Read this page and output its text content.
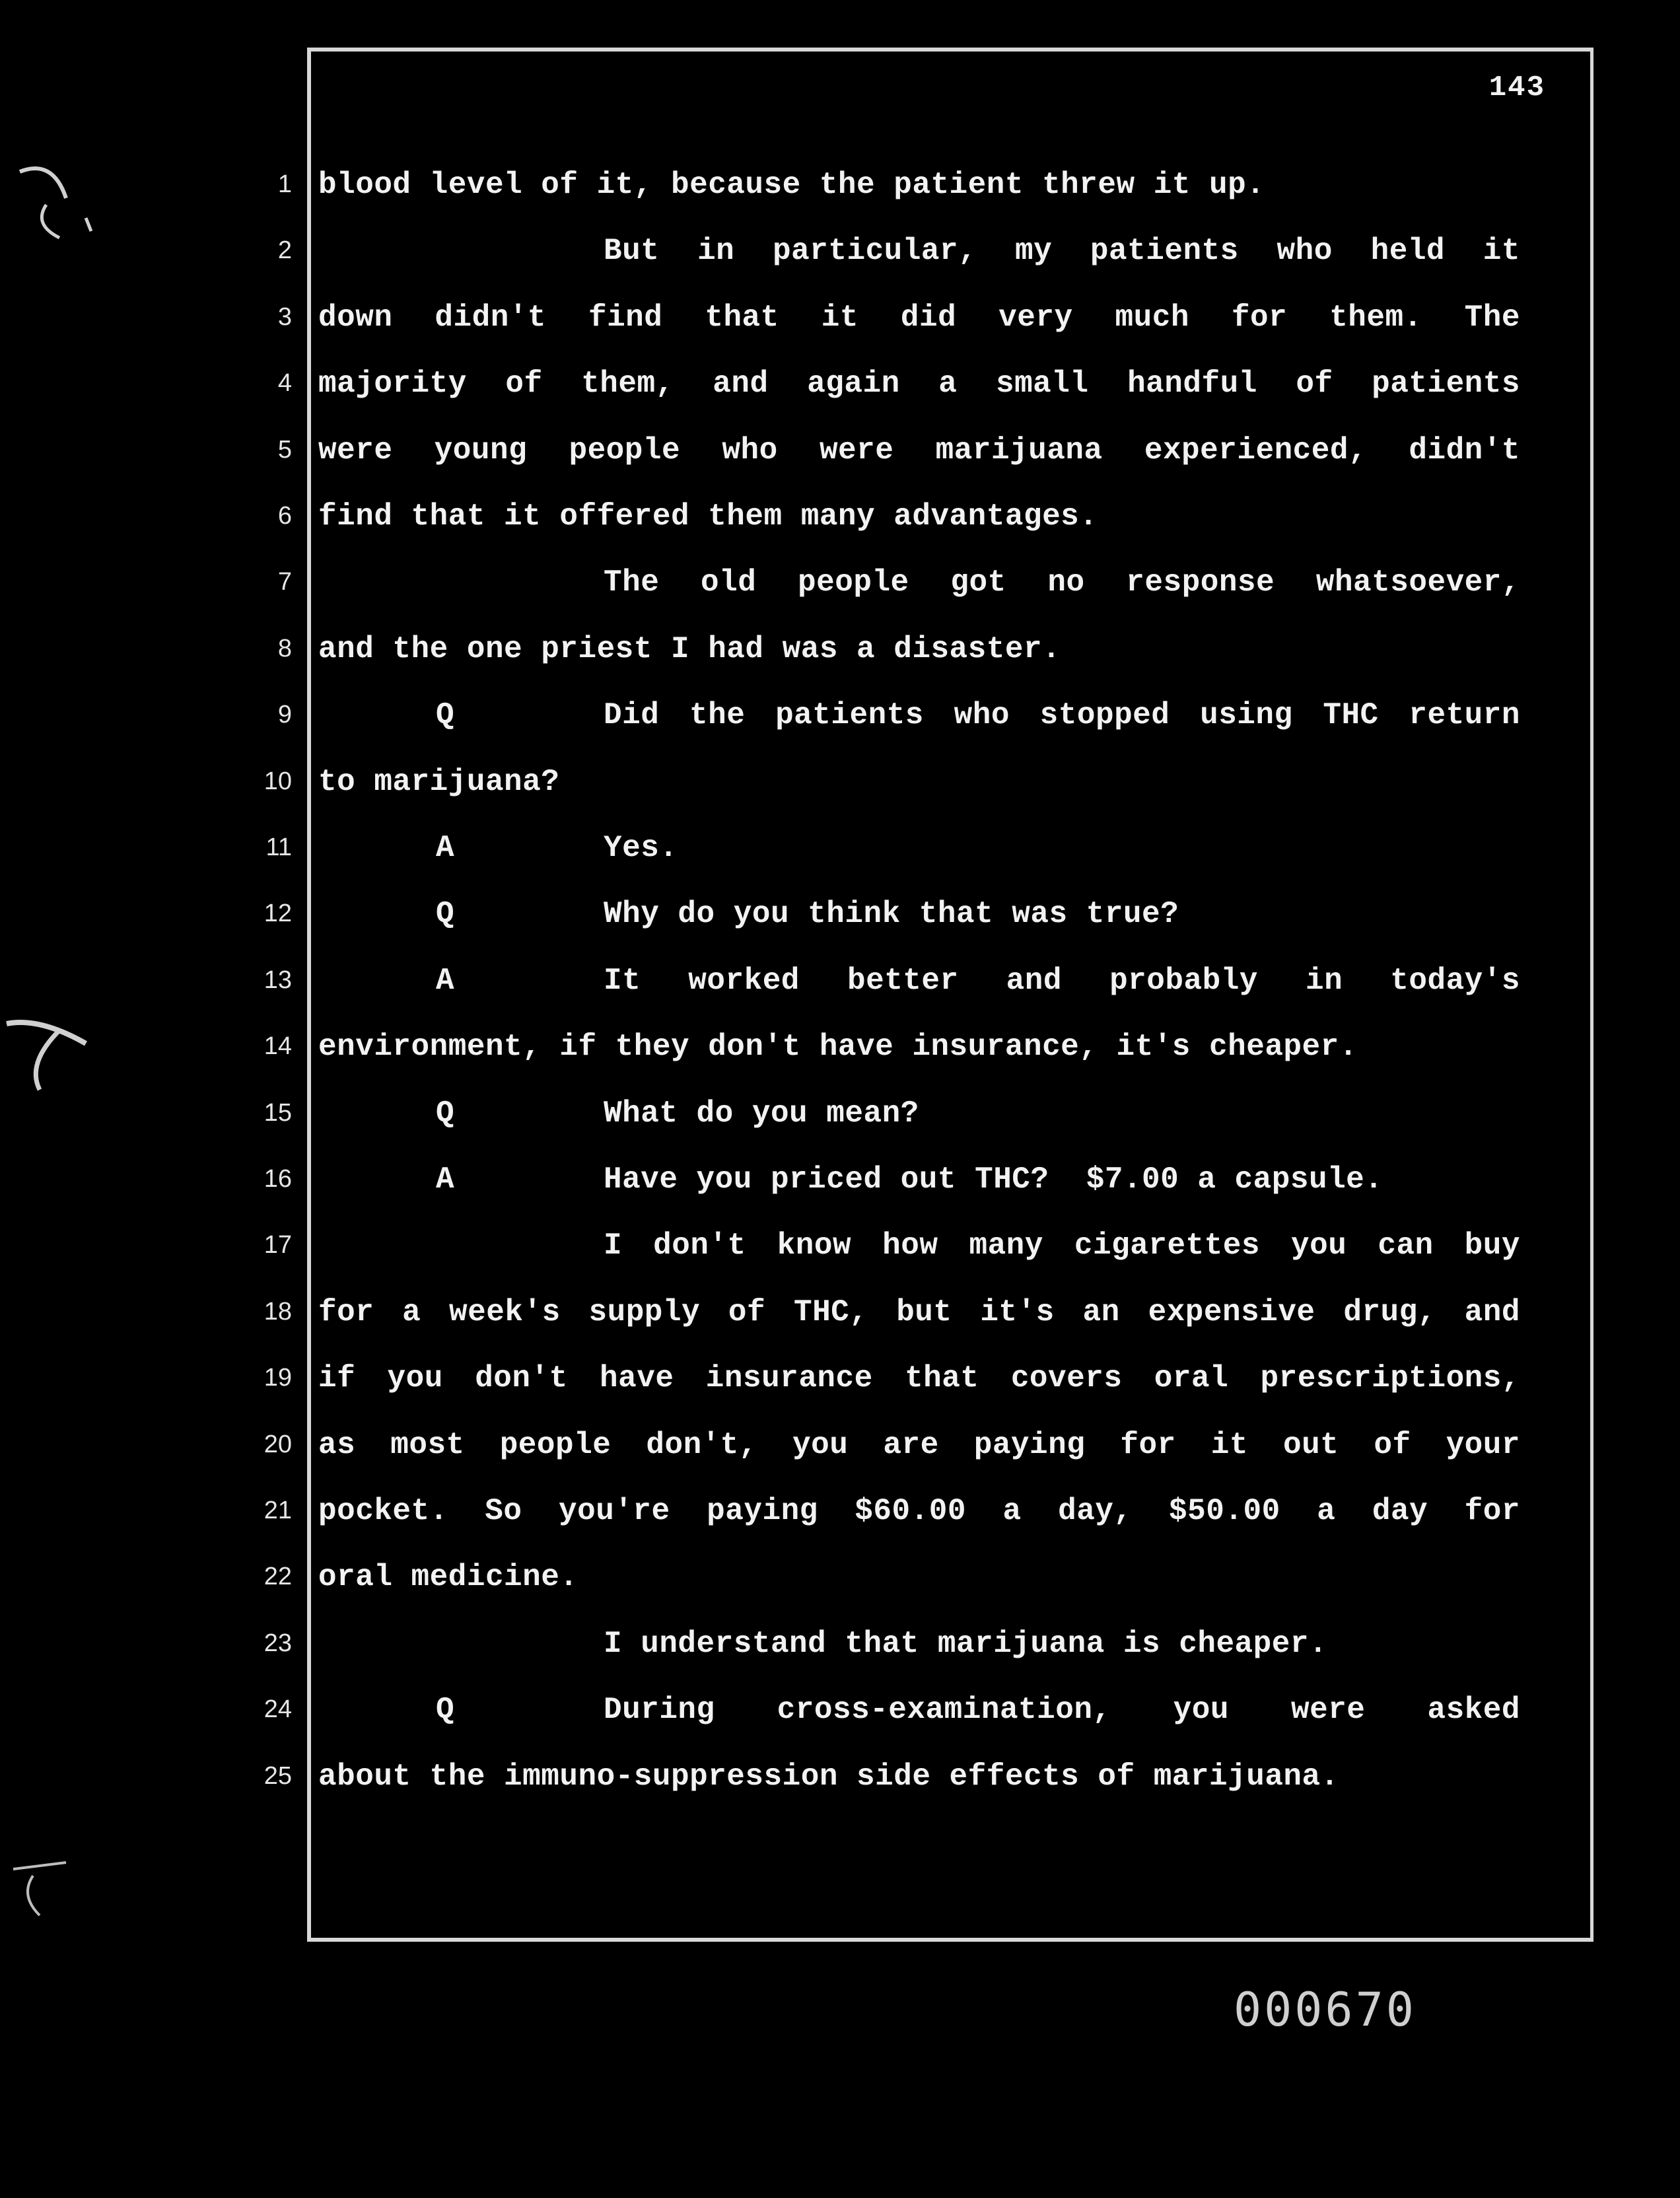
143
1 blood level of it, because the patient threw it up.
2	But in particular, my patients who held it
3 down didn't find that it did very much for them. The
4 majority of them, and again a small handful of patients
5 were young people who were marijuana experienced, didn't
6 find that it offered them many advantages.
7	The old people got no response whatsoever,
8 and the one priest I had was a disaster.
9	Q	Did the patients who stopped using THC return
10 to marijuana?
11	A	Yes.
12	Q	Why do you think that was true?
13	A	It worked better and probably in today's
14 environment, if they don't have insurance, it's cheaper.
15	Q	What do you mean?
16	A	Have you priced out THC?  $7.00 a capsule.
17	I don't know how many cigarettes you can buy
18 for a week's supply of THC, but it's an expensive drug, and
19 if you don't have insurance that covers oral prescriptions,
20 as most people don't, you are paying for it out of your
21 pocket. So you're paying $60.00 a day, $50.00 a day for
22 oral medicine.
23	I understand that marijuana is cheaper.
24	Q	During cross-examination, you were asked
25 about the immuno-suppression side effects of marijuana.
000670
